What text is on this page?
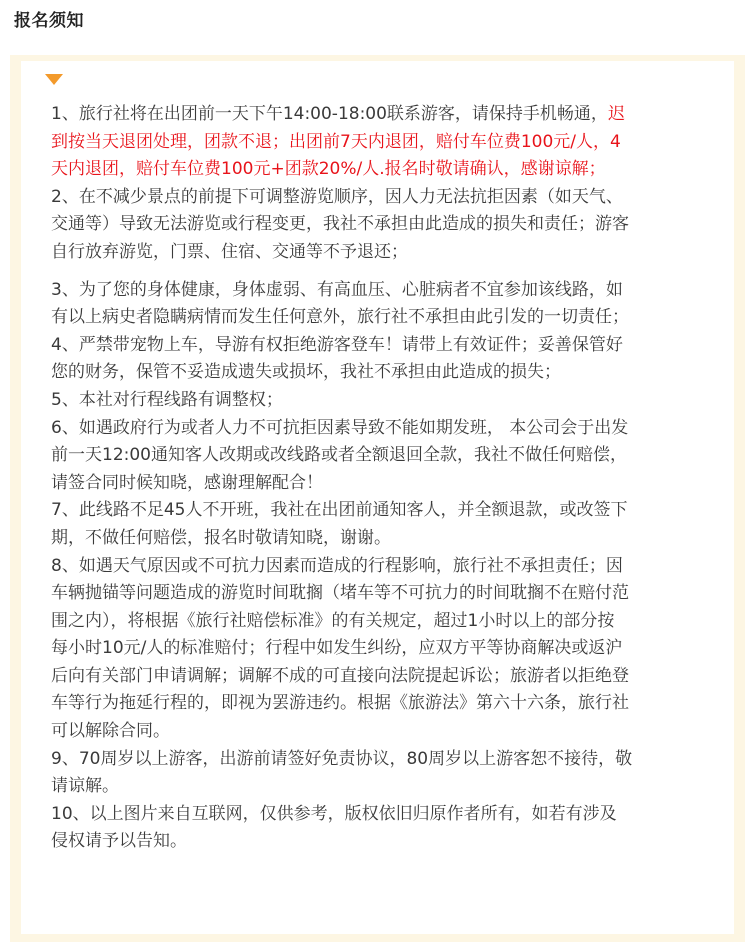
报名须知
1、旅行社将在出团前一天下午14:00-18:00联系游客，请保持手机畅通，迟
到按当天退团处理，团款不退；出团前7天内退团，赔付车位费100元/人，4
天内退团，赔付车位费100元+团款20%/人.报名时敬请确认，感谢谅解；
2、在不减少景点的前提下可调整游览顺序，因人力无法抗拒因素（如天气、
交通等）导致无法游览或行程变更，我社不承担由此造成的损失和责任；游客
自行放弃游览，门票、住宿、交通等不予退还；
3、为了您的身体健康，身体虚弱、有高血压、心脏病者不宜参加该线路，如
有以上病史者隐瞒病情而发生任何意外，旅行社不承担由此引发的一切责任；
4、严禁带宠物上车，导游有权拒绝游客登车！请带上有效证件；妥善保管好
您的财务，保管不妥造成遗失或损坏，我社不承担由此造成的损失；
5、本社对行程线路有调整权；
6、如遇政府行为或者人力不可抗拒因素导致不能如期发班， 本公司会于出发
前一天12:00通知客人改期或改线路或者全额退回全款，我社不做任何赔偿，
请签合同时候知晓，感谢理解配合！
7、此线路不足45人不开班，我社在出团前通知客人，并全额退款，或改签下
期，不做任何赔偿，报名时敬请知晓，谢谢。
8、如遇天气原因或不可抗力因素而造成的行程影响，旅行社不承担责任；因
车辆抛锚等问题造成的游览时间耽搁（堵车等不可抗力的时间耽搁不在赔付范
围之内），将根据《旅行社赔偿标准》的有关规定，超过1小时以上的部分按
每小时10元/人的标准赔付；行程中如发生纠纷，应双方平等协商解决或返沪
后向有关部门申请调解；调解不成的可直接向法院提起诉讼；旅游者以拒绝登
车等行为拖延行程的，即视为罢游违约。根据《旅游法》第六十六条，旅行社
可以解除合同。
9、70周岁以上游客，出游前请签好免责协议，80周岁以上游客恕不接待，敬
请谅解。
10、以上图片来自互联网，仅供参考，版权依旧归原作者所有，如若有涉及
侵权请予以告知。
